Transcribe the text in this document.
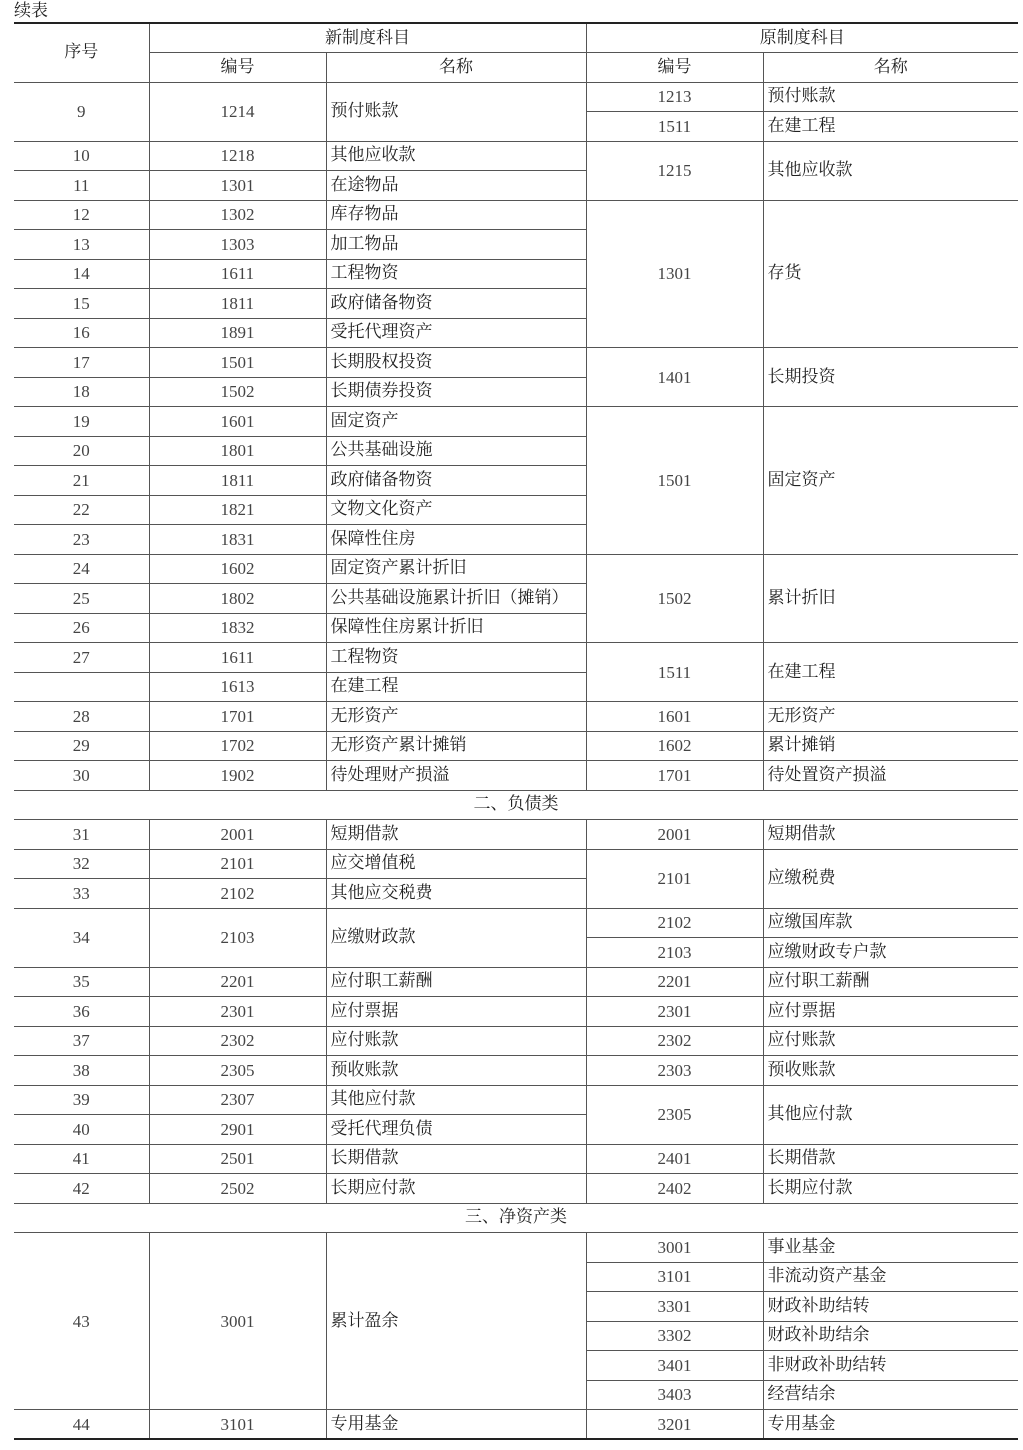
续表
序号	新制度科目		原制度科目	
	编号	名称	编号	名称
9	1214	预付账款	1213	预付账款
			1511	在建工程
10	1218	其他应收款	1215	其他应收款
11	1301	在途物品		
12	1302	库存物品	1301	存货
13	1303	加工物品		
14	1611	工程物资		
15	1811	政府储备物资		
16	1891	受托代理资产		
17	1501	长期股权投资	1401	长期投资
18	1502	长期债券投资		
19	1601	固定资产	1501	固定资产
20	1801	公共基础设施		
21	1811	政府储备物资		
22	1821	文物文化资产		
23	1831	保障性住房		
24	1602	固定资产累计折旧	1502	累计折旧
25	1802	公共基础设施累计折旧（摊销）		
26	1832	保障性住房累计折旧		
27	1611	工程物资	1511	在建工程
	1613	在建工程		
28	1701	无形资产	1601	无形资产
29	1702	无形资产累计摊销	1602	累计摊销
30	1902	待处理财产损溢	1701	待处置资产损溢
二、负债类				
31	2001	短期借款	2001	短期借款
32	2101	应交增值税	2101	应缴税费
33	2102	其他应交税费		
34	2103	应缴财政款	2102	应缴国库款
			2103	应缴财政专户款
35	2201	应付职工薪酬	2201	应付职工薪酬
36	2301	应付票据	2301	应付票据
37	2302	应付账款	2302	应付账款
38	2305	预收账款	2303	预收账款
39	2307	其他应付款	2305	其他应付款
40	2901	受托代理负债		
41	2501	长期借款	2401	长期借款
42	2502	长期应付款	2402	长期应付款
三、净资产类				
43	3001	累计盈余	3001	事业基金
			3101	非流动资产基金
			3301	财政补助结转
			3302	财政补助结余
			3401	非财政补助结转
			3403	经营结余
44	3101	专用基金	3201	专用基金
